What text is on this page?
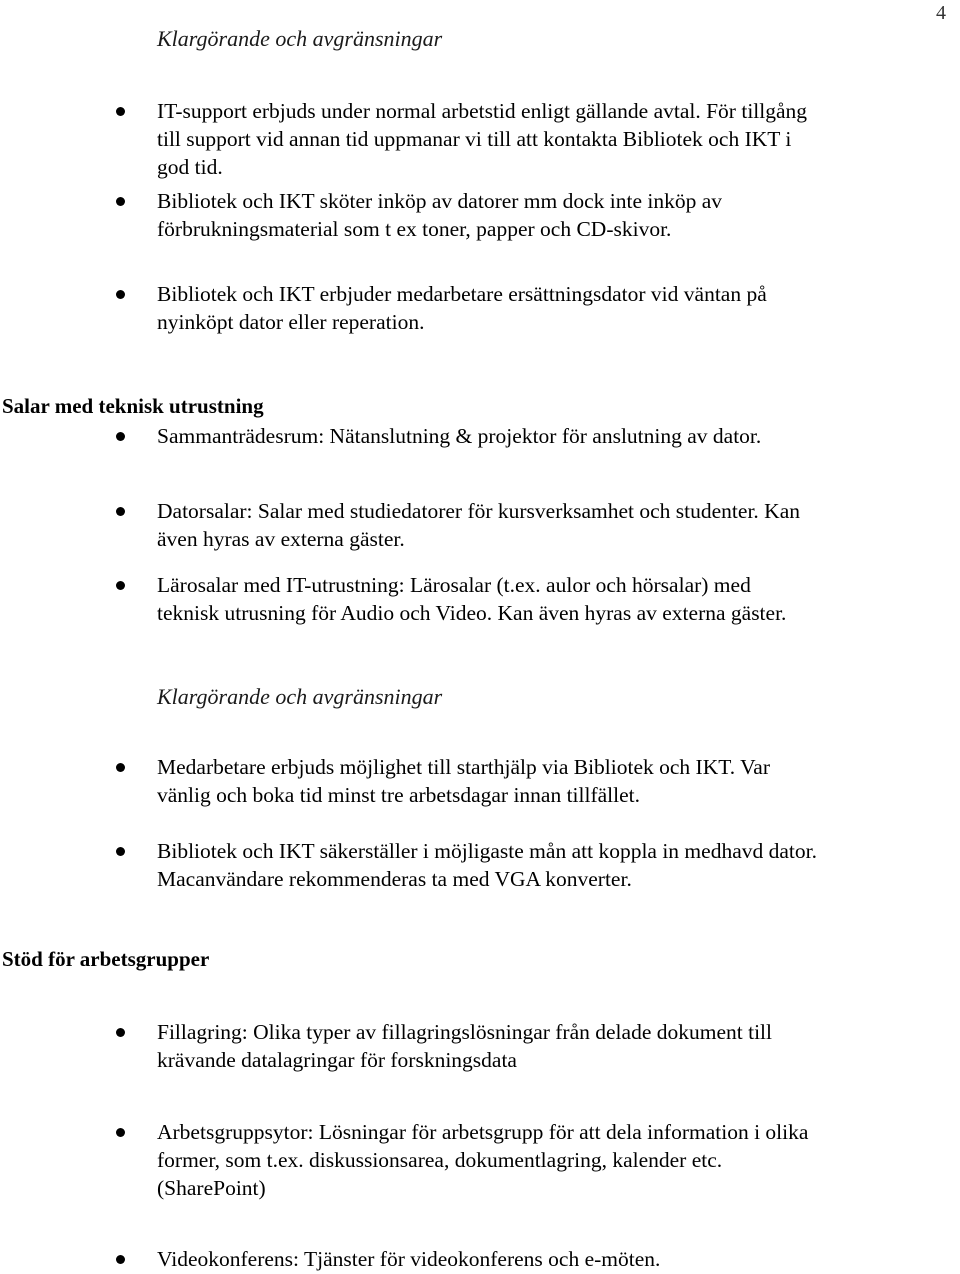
4
Klargörande och avgränsningar
IT-support erbjuds under normal arbetstid enligt gällande avtal. För tillgång till support vid annan tid uppmanar vi till att kontakta Bibliotek och IKT i god tid.
Bibliotek och IKT sköter inköp av datorer mm dock inte inköp av förbrukningsmaterial som t ex toner, papper och CD-skivor.
Bibliotek och IKT erbjuder medarbetare ersättningsdator vid väntan på nyinköpt dator eller reperation.
Salar med teknisk utrustning
Sammanträdesrum: Nätanslutning & projektor för anslutning av dator.
Datorsalar: Salar med studiedatorer för kursverksamhet och studenter. Kan även hyras av externa gäster.
Lärosalar med IT-utrustning: Lärosalar (t.ex. aulor och hörsalar) med teknisk utrusning för Audio och Video. Kan även hyras av externa gäster.
Klargörande och avgränsningar
Medarbetare erbjuds möjlighet till starthjälp via Bibliotek och IKT. Var vänlig och boka tid minst tre arbetsdagar innan tillfället.
Bibliotek och IKT säkerställer i möjligaste mån att koppla in medhavd dator. Macanvändare rekommenderas ta med VGA konverter.
Stöd för arbetsgrupper
Fillagring: Olika typer av fillagringslösningar från delade dokument till krävande datalagringar för forskningsdata
Arbetsgruppsytor: Lösningar för arbetsgrupp för att dela information i olika former, som t.ex. diskussionsarea, dokumentlagring, kalender etc. (SharePoint)
Videokonferens: Tjänster för videokonferens och e-möten.
